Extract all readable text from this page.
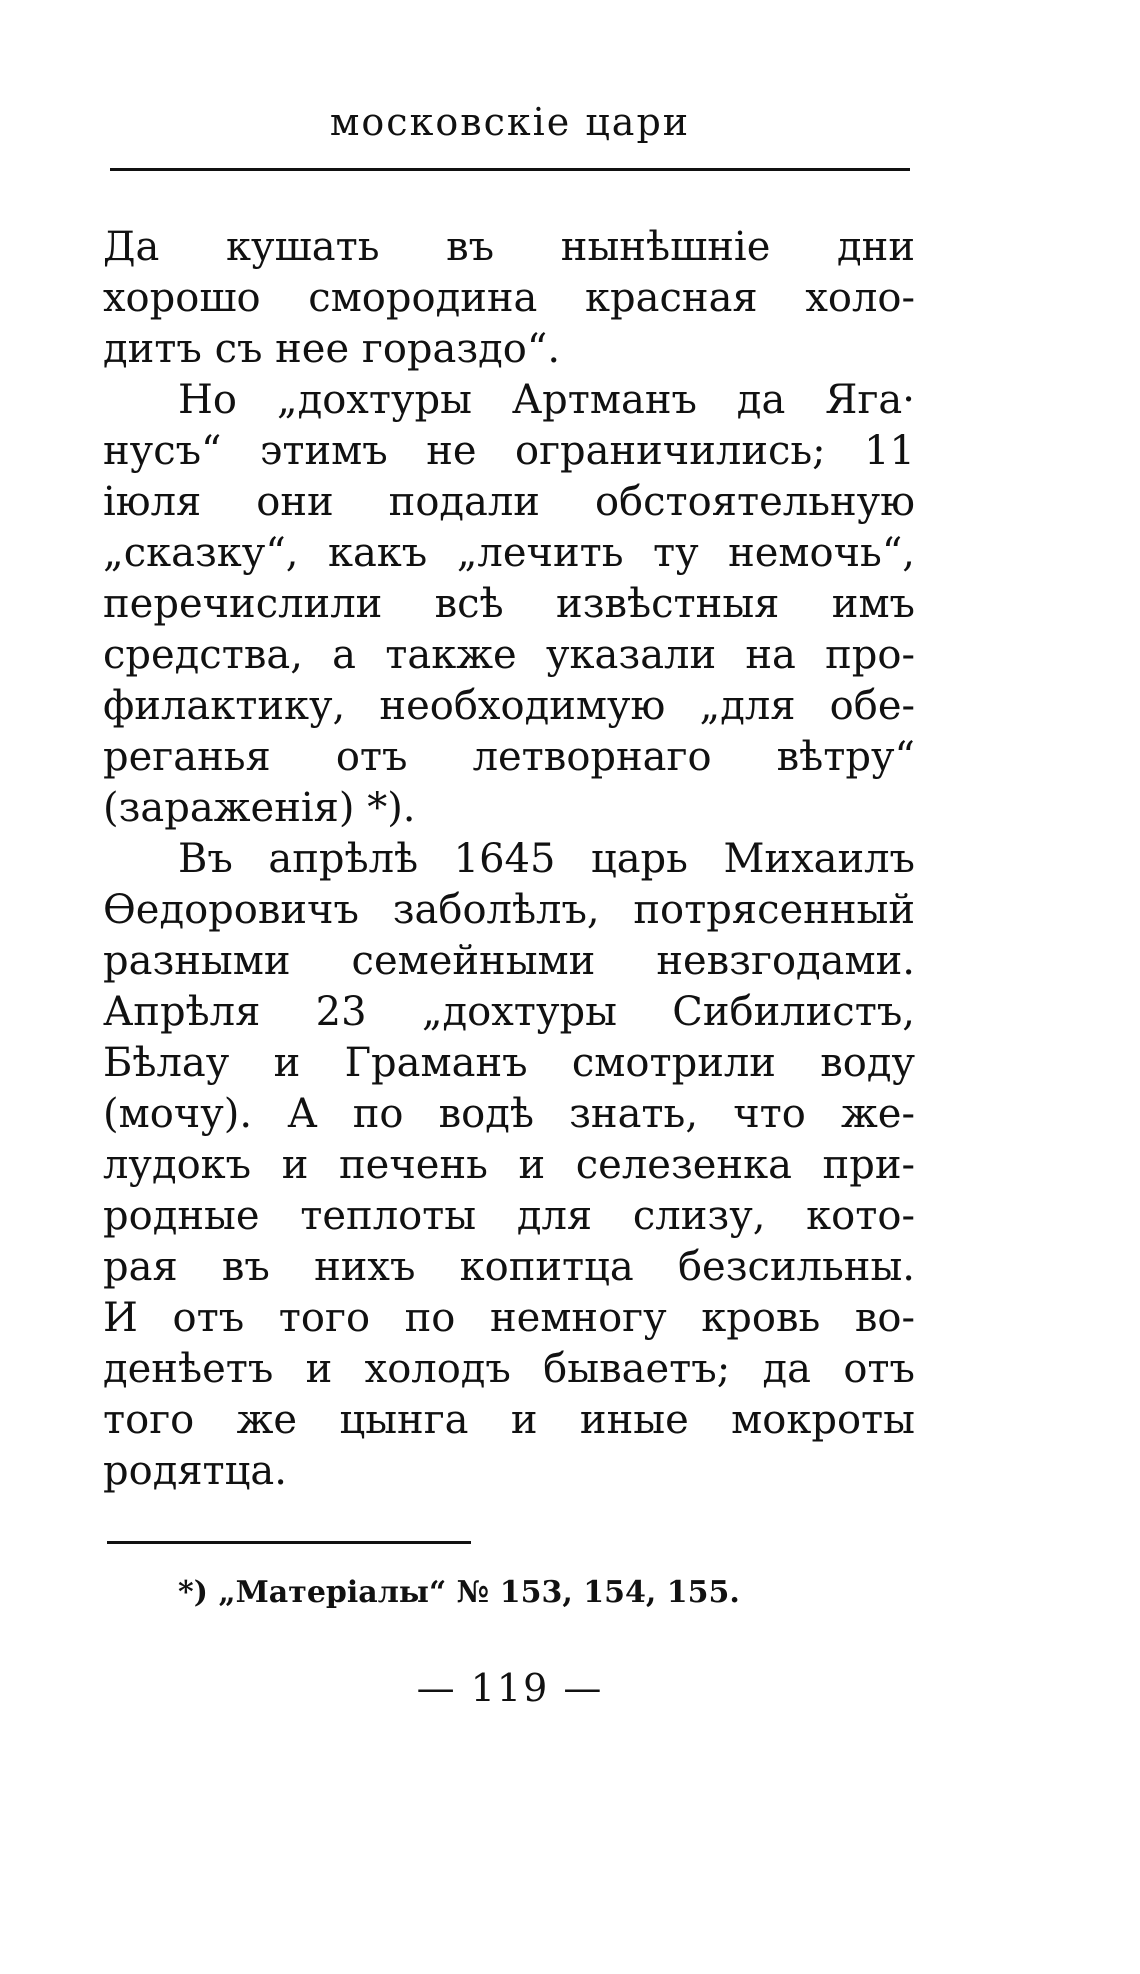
московскіе цари
Да кушать въ нынѣшніе дни
хорошо смородина красная холо-
дитъ съ нее гораздо“.
Но „дохтуры Артманъ да Яга·
нусъ“ этимъ не ограничились; 11
іюля они подали обстоятельную
„сказку“, какъ „лечить ту немочь“,
перечислили всѣ извѣстныя имъ
средства, а также указали на про-
филактику, необходимую „для обе-
реганья отъ летворнаго вѣтру“
(зараженія) *).
Въ апрѣлѣ 1645 царь Михаилъ
Ѳедоровичъ заболѣлъ, потрясенный
разными семейными невзгодами.
Апрѣля 23 „дохтуры Сибилистъ,
Бѣлау и Граманъ смотрили воду
(мочу). А по водѣ знать, что же-
лудокъ и печень и селезенка при-
родные теплоты для слизу, кото-
рая въ нихъ копитца безсильны.
И отъ того по немногу кровь во-
денѣетъ и холодъ бываетъ; да отъ
того же цынга и иные мокроты
родятца.
*) „Матеріалы“ № 153, 154, 155.
— 119 —
